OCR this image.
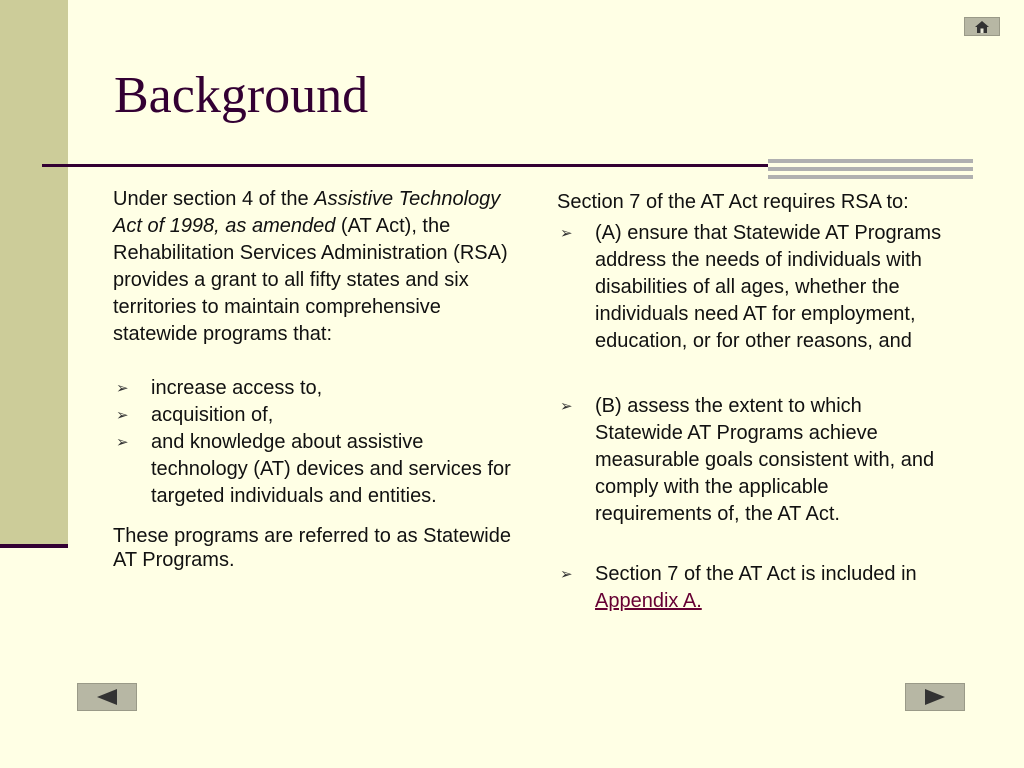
Background

Under section 4 of the Assistive Technology Act of 1998, as amended (AT Act), the Rehabilitation Services Administration (RSA) provides a grant to all fifty states and six territories to maintain comprehensive statewide programs that:

➢ increase access to,
➢ acquisition of,
➢ and knowledge about assistive technology (AT) devices and services for targeted individuals and entities.

These programs are referred to as Statewide AT Programs.

Section 7 of the AT Act requires RSA to:

➢ (A) ensure that Statewide AT Programs address the needs of individuals with disabilities of all ages, whether the individuals need AT for employment, education, or for other reasons, and
➢ (B) assess the extent to which Statewide AT Programs achieve measurable goals consistent with, and comply with the applicable requirements of, the AT Act.
➢ Section 7 of the AT Act is included in Appendix A.
